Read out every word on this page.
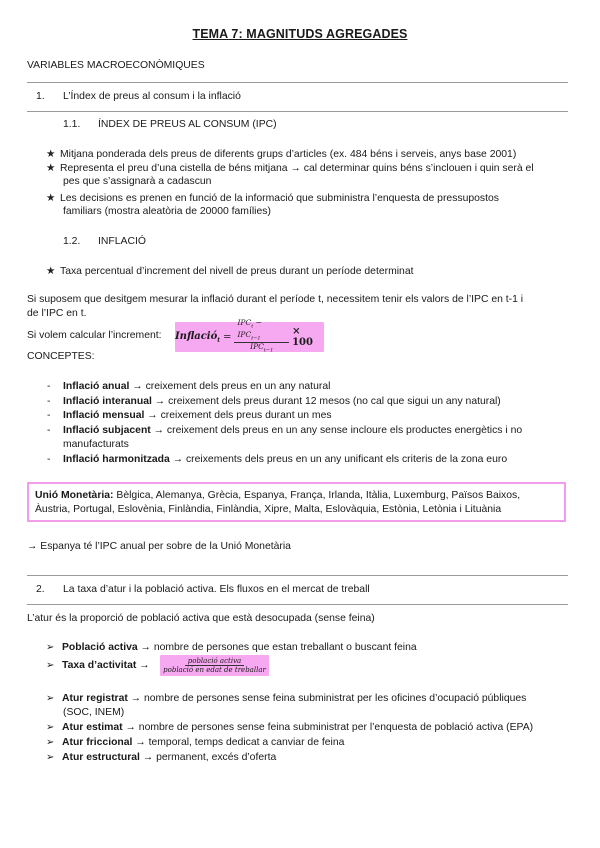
TEMA 7: MAGNITUDS AGREGADES
VARIABLES MACROECONÒMIQUES
1. L’Índex de preus al consum i la inflació
1.1. ÍNDEX DE PREUS AL CONSUM (IPC)
★ Mitjana ponderada dels preus de diferents grups d’articles (ex. 484 béns i serveis, anys base 2001)
★ Representa el preu d’una cistella de béns mitjana → cal determinar quins béns s’inclouen i quin serà el
pes que s’assignarà a cadascun
★ Les decisions es prenen en funció de la informació que subministra l’enquesta de pressupostos
familiars (mostra aleatòria de 20000 famílies)
1.2. INFLACIÓ
★ Taxa percentual d’increment del nivell de preus durant un període determinat
Si suposem que desitgem mesurar la inflació durant el període t, necessitem tenir els valors de l’IPC en t-1 i
de l’IPC en t.
Si volem calcular l’increment: Inflació$_t$ = $\frac{IPC_t - IPC_{t-1}}{IPC_{t-1}} \times 100$
CONCEPTES:
- Inflació anual → creixement dels preus en un any natural
- Inflació interanual → creixement dels preus durant 12 mesos (no cal que sigui un any natural)
- Inflació mensual → creixement dels preus durant un mes
- Inflació subjacent → creixement dels preus en un any sense incloure els productes energètics i no
manufacturats
- Inflació harmonitzada → creixements dels preus en un any unificant els criteris de la zona euro
Unió Monetària: Bèlgica, Alemanya, Grècia, Espanya, França, Irlanda, Itàlia, Luxemburg, Països Baixos,
Àustria, Portugal, Eslovènia, Finlàndia, Finlàndia, Xipre, Malta, Eslovàquia, Estònia, Letònia i Lituània
→ Espanya té l’IPC anual per sobre de la Unió Monetària
2. La taxa d’atur i la població activa. Els fluxos en el mercat de treball
L’atur és la proporció de població activa que està desocupada (sense feina)
➢ Població activa → nombre de persones que estan treballant o buscant feina
➢ Taxa d’activitat → $\frac{\text{població activa}}{\text{població en edat de treballar}}$
➢ Atur registrat → nombre de persones sense feina subministrat per les oficines d’ocupació públiques
(SOC, INEM)
➢ Atur estimat → nombre de persones sense feina subministrat per l’enquesta de població activa (EPA)
➢ Atur friccional → temporal, temps dedicat a canviar de feina
➢ Atur estructural → permanent, excés d’oferta
